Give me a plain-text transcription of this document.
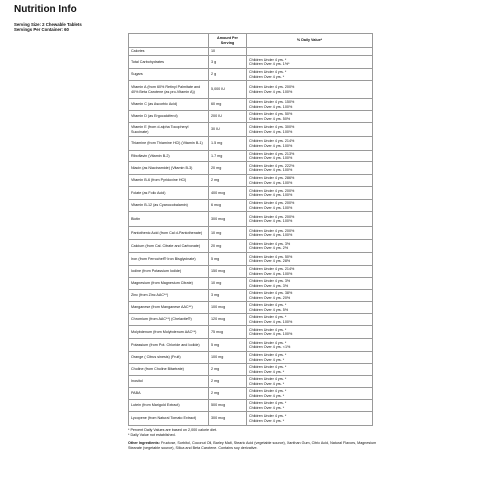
Nutrition Info
Serving Size: 2 Chewable Tablets
Servings Per Container: 60
	Amount Per Serving	% Daily Value*
Calories	10	
Total Carbohydrates	3 g	Children Under 4 yrs. *
Children Over 4 yrs. 1%*

Sugars	2 g	Children Under 4 yrs. *
Children Over 4 yrs. *

Vitamin A (from 60% Retinyl Palmitate and 40% Beta Carotene (as pro-Vitamin A))	5,000 IU	Children Under 4 yrs. 200%
Children Over 4 yrs. 100%

Vitamin C (as Ascorbic Acid)	60 mg	Children Under 4 yrs. 150%
Children Over 4 yrs. 100%

Vitamin D (as Ergocalciferol)	200 IU	Children Under 4 yrs. 50%
Children Over 4 yrs. 50%

Vitamin E (from d-alpha Tocopheryl Succinate)	30 IU	Children Under 4 yrs. 300%
Children Over 4 yrs. 100%

Thiamine (from Thiamine HCl) (Vitamin B-1)	1.5 mg	Children Under 4 yrs. 214%
Children Over 4 yrs. 100%

Riboflavin (Vitamin B-2)	1.7 mg	Children Under 4 yrs. 213%
Children Over 4 yrs. 100%

Niacin (as Niacinamide) (Vitamin B-3)	20 mg	Children Under 4 yrs. 222%
Children Over 4 yrs. 100%

Vitamin B-6 (from Pyridoxine HCl)	2 mg	Children Under 4 yrs. 286%
Children Over 4 yrs. 100%

Folate (as Folic Acid)	400 mcg	Children Under 4 yrs. 200%
Children Over 4 yrs. 100%

Vitamin B-12 (as Cyanocobalamin)	6 mcg	Children Under 4 yrs. 200%
Children Over 4 yrs. 100%

Biotin	300 mcg	Children Under 4 yrs. 200%
Children Over 4 yrs. 100%

Pantothenic Acid (from Cal d-Pantothenate)	10 mg	Children Under 4 yrs. 200%
Children Over 4 yrs. 100%

Calcium (from Cal. Citrate and Carbonate)	20 mg	Children Under 4 yrs. 3%
Children Over 4 yrs. 2%

Iron (from Ferrochel® Iron Bisglycinate)	5 mg	Children Under 4 yrs. 50%
Children Over 4 yrs. 28%

Iodine (from Potassium Iodide)	150 mcg	Children Under 4 yrs. 214%
Children Over 4 yrs. 100%

Magnesium (from Magnesium Citrate)	10 mg	Children Under 4 yrs. 3%
Children Over 4 yrs. 3%

Zinc (from Zinc AAC**)	3 mg	Children Under 4 yrs. 38%
Children Over 4 yrs. 20%

Manganese (from Manganese AAC**)	100 mcg	Children Under 4 yrs. *
Children Over 4 yrs. 5%

Chromium (from AAC**) (Chelavite®)	120 mcg	Children Under 4 yrs. *
Children Over 4 yrs. 100%

Molybdenum (from Molybdenum AAC**)	75 mcg	Children Under 4 yrs. *
Children Over 4 yrs. 100%

Potassium (from Pot. Chloride and Iodide)	5 mg	Children Under 4 yrs. *
Children Over 4 yrs. <1%

Orange ( Citrus sinesis) (Fruit)	100 mg	Children Under 4 yrs. *
Children Over 4 yrs. *

Choline (from Choline Bitartrate)	2 mg	Children Under 4 yrs. *
Children Over 4 yrs. *

Inositol	2 mg	Children Under 4 yrs. *
Children Over 4 yrs. *

PABA	2 mg	Children Under 4 yrs. *
Children Over 4 yrs. *

Lutein (from Marigold Extract)	500 mcg	Children Under 4 yrs. *
Children Over 4 yrs. *

Lycopene (from Natural Tomato Extract)	300 mcg	Children Under 4 yrs. *
Children Over 4 yrs. *
* Percent Daily Values are based on 2,000 calorie diet.
* Daily Value not established.
Other Ingredients: Fructose, Sorbitol, Coconut Oil, Barley Malt, Stearic Acid (vegetable source), Xanthan Gum, Citric Acid, Natural Flavors, Magnesium Stearate (vegetable source), Silica and Beta Carotene. Contains soy derivative.
